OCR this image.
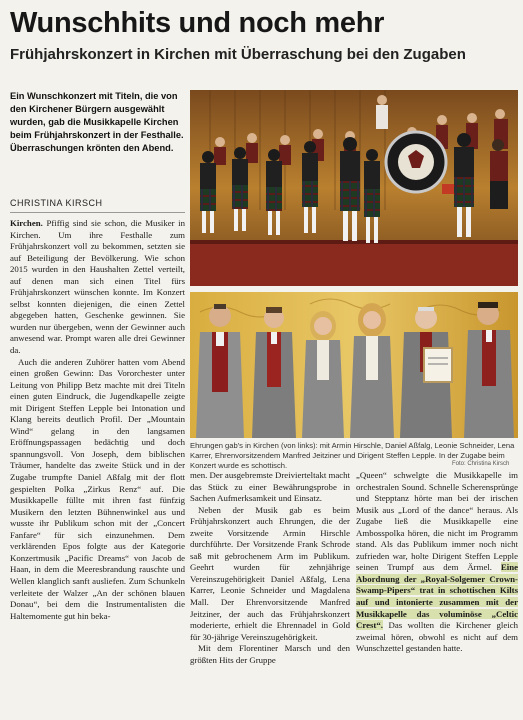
Wunschhits und noch mehr
Frühjahrskonzert in Kirchen mit Überraschung bei den Zugaben

Ein Wunschkonzert mit Titeln, die von den Kirchener Bürgern ausgewählt wurden, gab die Musikkapelle Kirchen beim Frühjahrskonzert in der Festhalle. Überraschungen krönten den Abend.

CHRISTINA KIRSCH

Ehrungen gab's in Kirchen (von links): mit Armin Hirschle, Daniel Aßfalg, Leonie Schneider, Lena Karrer, Ehrenvorsitzendem Manfred Jeitziner und Dirigent Steffen Lepple. In der Zugabe beim Konzert wurde es schottisch.	Foto: Christina Kirsch

Kirchen. Pfiffig sind sie schon, die Musiker in Kirchen. Um ihre Festhalle zum Frühjahrskonzert voll zu bekommen, setzten sie auf Beteiligung der Bevölkerung. Wie schon 2015 wurden in den Haushalten Zettel verteilt, auf denen man sich einen Titel fürs Frühjahrskonzert wünschen konnte. Im Konzert selbst konnten diejenigen, die einen Zettel abgegeben hatten, Geschenke gewinnen. Sie wurden nur übergeben, wenn der Gewinner auch anwesend war. Prompt waren alle drei Gewinner da.

Auch die anderen Zuhörer hatten vom Abend einen großen Gewinn: Das Vororchester unter Leitung von Philipp Betz machte mit drei Titeln einen guten Eindruck, die Jugendkapelle zeigte mit Dirigent Steffen Lepple bei Intonation und Klang bereits deutlich Profil. Der „Mountain Wind“ gelang in den langsamen Eröffnungspassagen bedächtig und doch spannungsvoll. Von Joseph, dem biblischen Träumer, handelte das zweite Stück und in der Zugabe trumpfte Daniel Aßfalg mit der flott gespielten Polka „Zirkus Renz“ auf. Die Musikkapelle füllte mit ihren fast fünfzig Musikern den letzten Bühnenwinkel aus und wusste ihr Publikum schon mit der „Concert Fanfare“ für sich einzunehmen. Dem verklärenden Epos folgte aus der Kategorie Konzertmusik „Pacific Dreams“ von Jacob de Haan, in dem die Meeresbrandung rauschte und Wellen klanglich sanft ausliefen. Zum Schunkeln verleitete der Walzer „An der schönen blauen Donau“, bei dem die Instrumentalisten die Haltemomente gut hin beka-

men. Der ausgebremste Dreivierteltakt macht das Stück zu einer Bewährungsprobe in Sachen Aufmerksamkeit und Einsatz.

Neben der Musik gab es beim Frühjahrskonzert auch Ehrungen, die der zweite Vorsitzende Armin Hirschle durchführte. Der Vorsitzende Frank Schrode saß mit gebrochenem Arm im Publikum. Geehrt wurden für zehnjährige Vereinszugehörigkeit Daniel Aßfalg, Lena Karrer, Leonie Schneider und Magdalena Mall. Der Ehrenvorsitzende Manfred Jeitziner, der auch das Frühjahrskonzert moderierte, erhielt die Ehrennadel in Gold für 30-jährige Vereinszugehörigkeit.

Mit dem Florentiner Marsch und den größten Hits der Gruppe

„Queen“ schwelgte die Musikkapelle im orchestralen Sound. Schnelle Scherensprünge und Stepptanz hörte man bei der irischen Musik aus „Lord of the dance“ heraus. Als Zugabe ließ die Musikkapelle eine Ambosspolka hören, die nicht im Programm stand. Als das Publikum immer noch nicht zufrieden war, holte Dirigent Steffen Lepple seinen Trumpf aus dem Ärmel. Eine Abordnung der „Royal-Solgemer Crown-Swamp-Pipers“ trat in schottischen Kilts auf und intonierte zusammen mit der Musikkapelle das voluminöse „Celtic Crest“. Das wollten die Kirchener gleich zweimal hören, obwohl es nicht auf dem Wunschzettel gestanden hatte.
